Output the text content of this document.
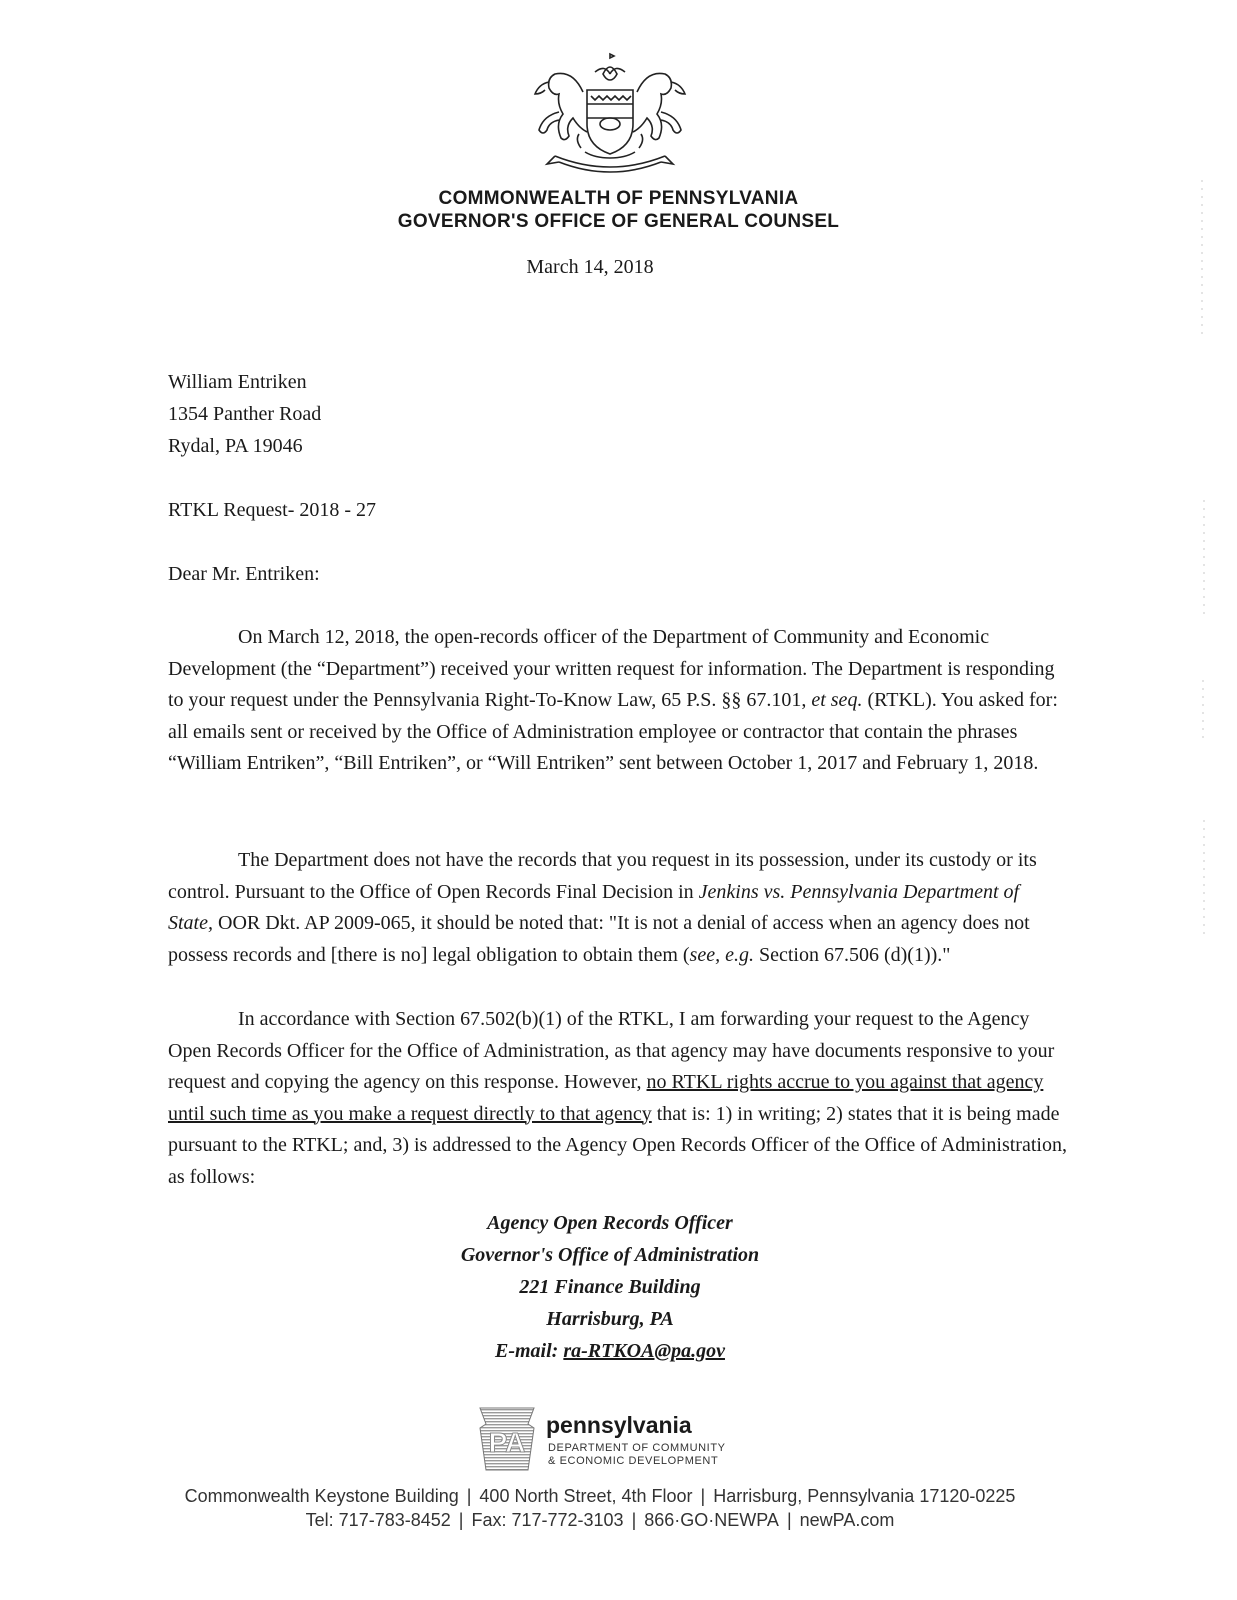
COMMONWEALTH OF PENNSYLVANIA
GOVERNOR'S OFFICE OF GENERAL COUNSEL
March 14, 2018
William Entriken
1354 Panther Road
Rydal, PA 19046
RTKL Request- 2018 - 27
Dear Mr. Entriken:

On March 12, 2018, the open-records officer of the Department of Community and Economic Development (the “Department”) received your written request for information. The Department is responding to your request under the Pennsylvania Right-To-Know Law, 65 P.S. §§ 67.101, et seq. (RTKL). You asked for: all emails sent or received by the Office of Administration employee or contractor that contain the phrases “William Entriken”, “Bill Entriken”, or “Will Entriken” sent between October 1, 2017 and February 1, 2018.

The Department does not have the records that you request in its possession, under its custody or its control. Pursuant to the Office of Open Records Final Decision in Jenkins vs. Pennsylvania Department of State, OOR Dkt. AP 2009-065, it should be noted that: "It is not a denial of access when an agency does not possess records and [there is no] legal obligation to obtain them (see, e.g. Section 67.506 (d)(1))."

In accordance with Section 67.502(b)(1) of the RTKL, I am forwarding your request to the Agency Open Records Officer for the Office of Administration, as that agency may have documents responsive to your request and copying the agency on this response. However, no RTKL rights accrue to you against that agency until such time as you make a request directly to that agency that is: 1) in writing; 2) states that it is being made pursuant to the RTKL; and, 3) is addressed to the Agency Open Records Officer of the Office of Administration, as follows:

Agency Open Records Officer
Governor's Office of Administration
221 Finance Building
Harrisburg, PA
E-mail: ra-RTKOA@pa.gov
PA
pennsylvania
DEPARTMENT OF COMMUNITY
& ECONOMIC DEVELOPMENT
Commonwealth Keystone Building | 400 North Street, 4th Floor | Harrisburg, Pennsylvania 17120-0225
Tel: 717-783-8452 | Fax: 717-772-3103 | 866·GO·NEWPA | newPA.com
